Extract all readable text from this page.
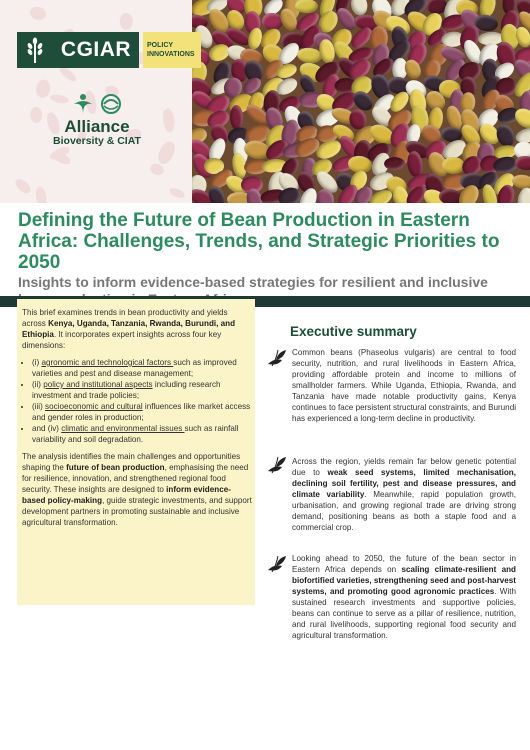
CGIAR	POLICY
INNOVATIONS
Alliance
Bioversity & CIAT
Defining the Future of Bean Production in Eastern Africa: Challenges, Trends, and Strategic Priorities to 2050
Insights to inform evidence-based strategies for resilient and inclusive

This brief examines trends in bean productivity and yields across Kenya, Uganda, Tanzania, Rwanda, Burundi, and Ethiopia. It incorporates expert insights across four key dimensions:

• (i) agronomic and technological factors such as improved varieties and pest and disease management;
• (ii) policy and institutional aspects including research investment and trade policies;
• (iii) socioeconomic and cultural influences like market access and gender roles in production;
• and (iv) climatic and environmental issues such as rainfall variability and soil degradation.

The analysis identifies the main challenges and opportunities shaping the future of bean production, emphasising the need for resilience, innovation, and strengthened regional food security. These insights are designed to inform evidence-based policy-making, guide strategic investments, and support development partners in promoting sustainable and inclusive agricultural transformation.

Executive summary

Common beans (Phaseolus vulgaris) are central to food security, nutrition, and rural livelihoods in Eastern Africa, providing affordable protein and income to millions of smallholder farmers. While Uganda, Ethiopia, Rwanda, and Tanzania have made notable productivity gains, Kenya continues to face persistent structural constraints, and Burundi has experienced a long-term decline in productivity.

Across the region, yields remain far below genetic potential due to weak seed systems, limited mechanisation, declining soil fertility, pest and disease pressures, and climate variability. Meanwhile, rapid population growth, urbanisation, and growing regional trade are driving strong demand, positioning beans as both a staple food and a commercial crop.

Looking ahead to 2050, the future of the bean sector in Eastern Africa depends on scaling climate-resilient and biofortified varieties, strengthening seed and post-harvest systems, and promoting good agronomic practices. With sustained research investments and supportive policies, beans can continue to serve as a pillar of resilience, nutrition, and rural livelihoods, supporting regional food security and agricultural transformation.
